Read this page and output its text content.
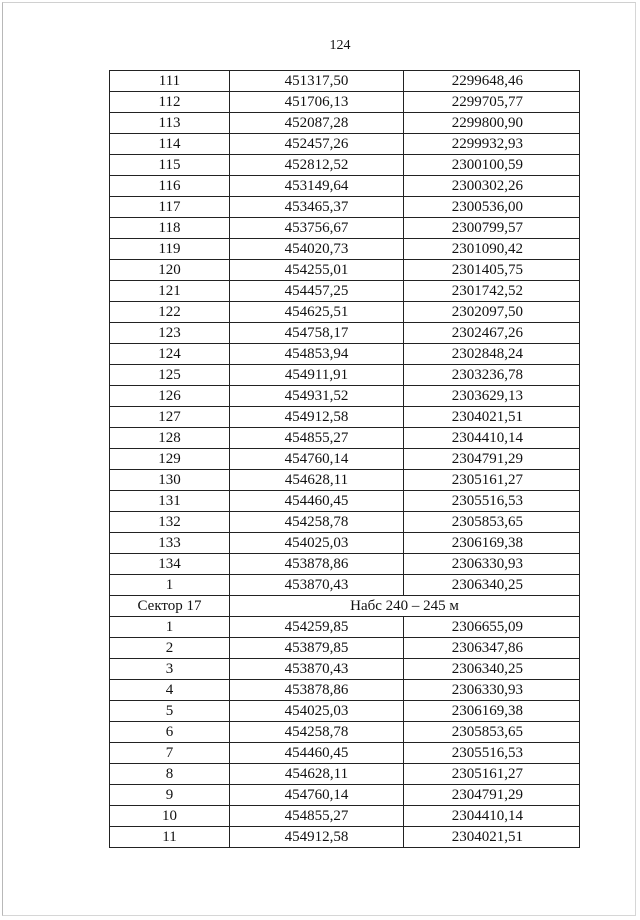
124
111	451317,50	2299648,46
112	451706,13	2299705,77
113	452087,28	2299800,90
114	452457,26	2299932,93
115	452812,52	2300100,59
116	453149,64	2300302,26
117	453465,37	2300536,00
118	453756,67	2300799,57
119	454020,73	2301090,42
120	454255,01	2301405,75
121	454457,25	2301742,52
122	454625,51	2302097,50
123	454758,17	2302467,26
124	454853,94	2302848,24
125	454911,91	2303236,78
126	454931,52	2303629,13
127	454912,58	2304021,51
128	454855,27	2304410,14
129	454760,14	2304791,29
130	454628,11	2305161,27
131	454460,45	2305516,53
132	454258,78	2305853,65
133	454025,03	2306169,38
134	453878,86	2306330,93
1	453870,43	2306340,25
Сектор 17	Набс 240 – 245 м	
1	454259,85	2306655,09
2	453879,85	2306347,86
3	453870,43	2306340,25
4	453878,86	2306330,93
5	454025,03	2306169,38
6	454258,78	2305853,65
7	454460,45	2305516,53
8	454628,11	2305161,27
9	454760,14	2304791,29
10	454855,27	2304410,14
11	454912,58	2304021,51
